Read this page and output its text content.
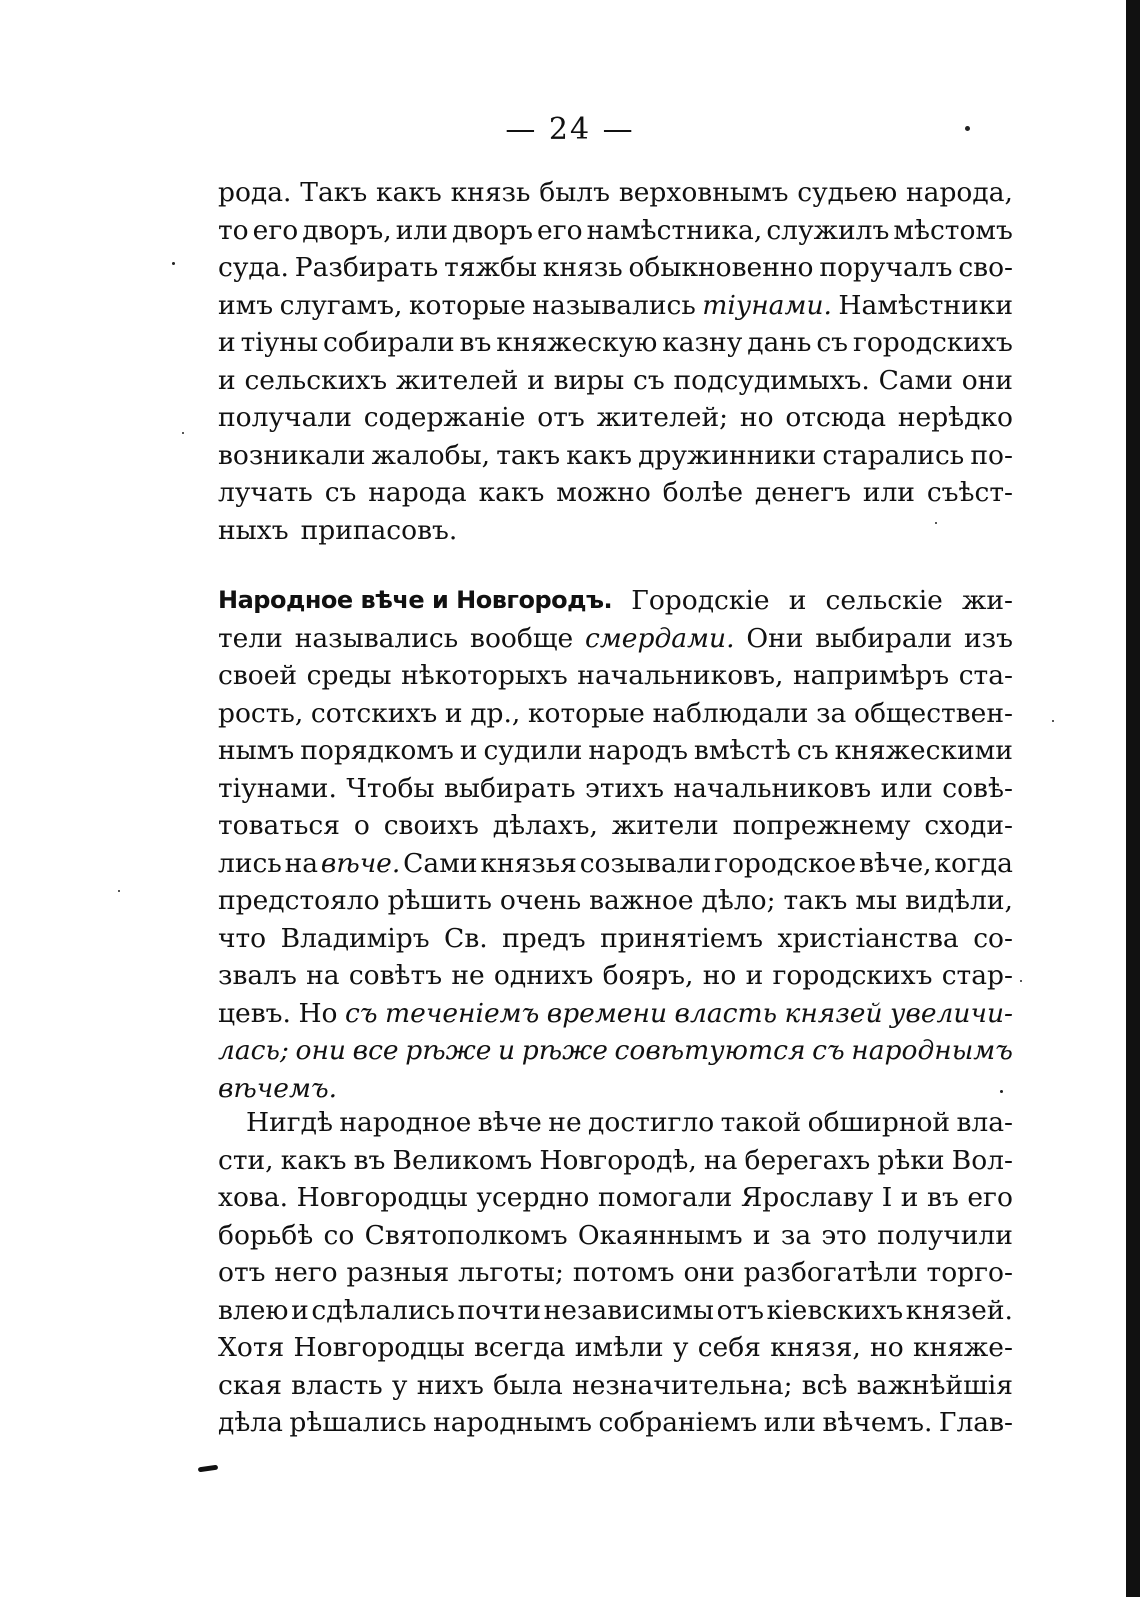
— 24 —
рода. Такъ какъ князь былъ верховнымъ судьею народа,
то его дворъ, или дворъ его намѣстника, служилъ мѣстомъ
суда. Разбирать тяжбы князь обыкновенно поручалъ сво-
имъ слугамъ, которые назывались тіунами. Намѣстники
и тіуны собирали въ княжескую казну дань съ городскихъ
и сельскихъ жителей и виры съ подсудимыхъ. Сами они
получали содержаніе отъ жителей; но отсюда нерѣдко
возникали жалобы, такъ какъ дружинники старались по-
лучать съ народа какъ можно болѣе денегъ или съѣст-
ныхъ припасовъ.
Народное вѣче и Новгородъ. Городскіе и сельскіе жи-
тели назывались вообще смердами. Они выбирали изъ
своей среды нѣкоторыхъ начальниковъ, напримѣръ ста-
рость, сотскихъ и др., которые наблюдали за обществен-
нымъ порядкомъ и судили народъ вмѣстѣ съ княжескими
тіунами. Чтобы выбирать этихъ начальниковъ или совѣ-
товаться о своихъ дѣлахъ, жители попрежнему сходи-
лись на вѣче. Сами князья созывали городское вѣче, когда
предстояло рѣшить очень важное дѣло; такъ мы видѣли,
что Владиміръ Св. предъ принятіемъ христіанства со-
звалъ на совѣтъ не однихъ бояръ, но и городскихъ стар-
цевъ. Но съ теченіемъ времени власть князей увеличи-
лась; они все рѣже и рѣже совѣтуются съ народнымъ
вѣчемъ.
Нигдѣ народное вѣче не достигло такой обширной вла-
сти, какъ въ Великомъ Новгородѣ, на берегахъ рѣки Вол-
хова. Новгородцы усердно помогали Ярославу I и въ его
борьбѣ со Святополкомъ Окаяннымъ и за это получили
отъ него разныя льготы; потомъ они разбогатѣли торго-
влею и сдѣлались почти независимы отъ кіевскихъ князей.
Хотя Новгородцы всегда имѣли у себя князя, но княже-
ская власть у нихъ была незначительна; всѣ важнѣйшія
дѣла рѣшались народнымъ собраніемъ или вѣчемъ. Глав-
